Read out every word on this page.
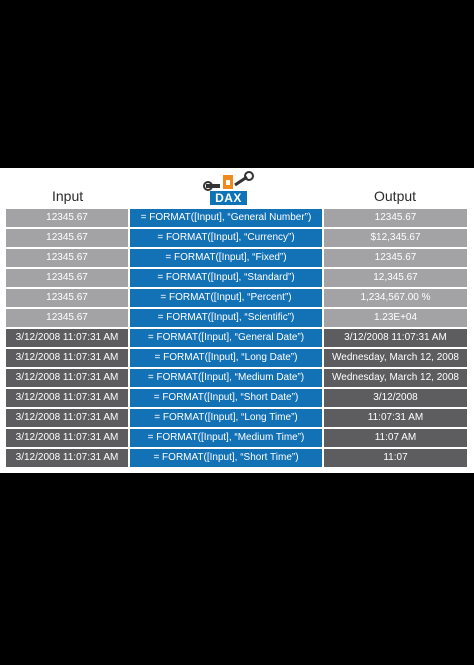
Input	DAX	Output
12345.67	= FORMAT([Input], “General Number”)	12345.67
12345.67	= FORMAT([Input], “Currency”)	$12,345.67
12345.67	= FORMAT([Input], “Fixed”)	12345.67
12345.67	= FORMAT([Input], “Standard”)	12,345.67
12345.67	= FORMAT([Input], “Percent”)	1,234,567.00 %
12345.67	= FORMAT([Input], “Scientific”)	1.23E+04
3/12/2008 11:07:31 AM	= FORMAT([Input], “General Date”)	3/12/2008 11:07:31 AM
3/12/2008 11:07:31 AM	= FORMAT([Input], “Long Date”)	Wednesday, March 12, 2008
3/12/2008 11:07:31 AM	= FORMAT([Input], “Medium Date”)	Wednesday, March 12, 2008
3/12/2008 11:07:31 AM	= FORMAT([Input], “Short Date”)	3/12/2008
3/12/2008 11:07:31 AM	= FORMAT([Input], “Long Time”)	11:07:31 AM
3/12/2008 11:07:31 AM	= FORMAT([Input], “Medium Time”)	11:07 AM
3/12/2008 11:07:31 AM	= FORMAT([Input], “Short Time”)	11:07
